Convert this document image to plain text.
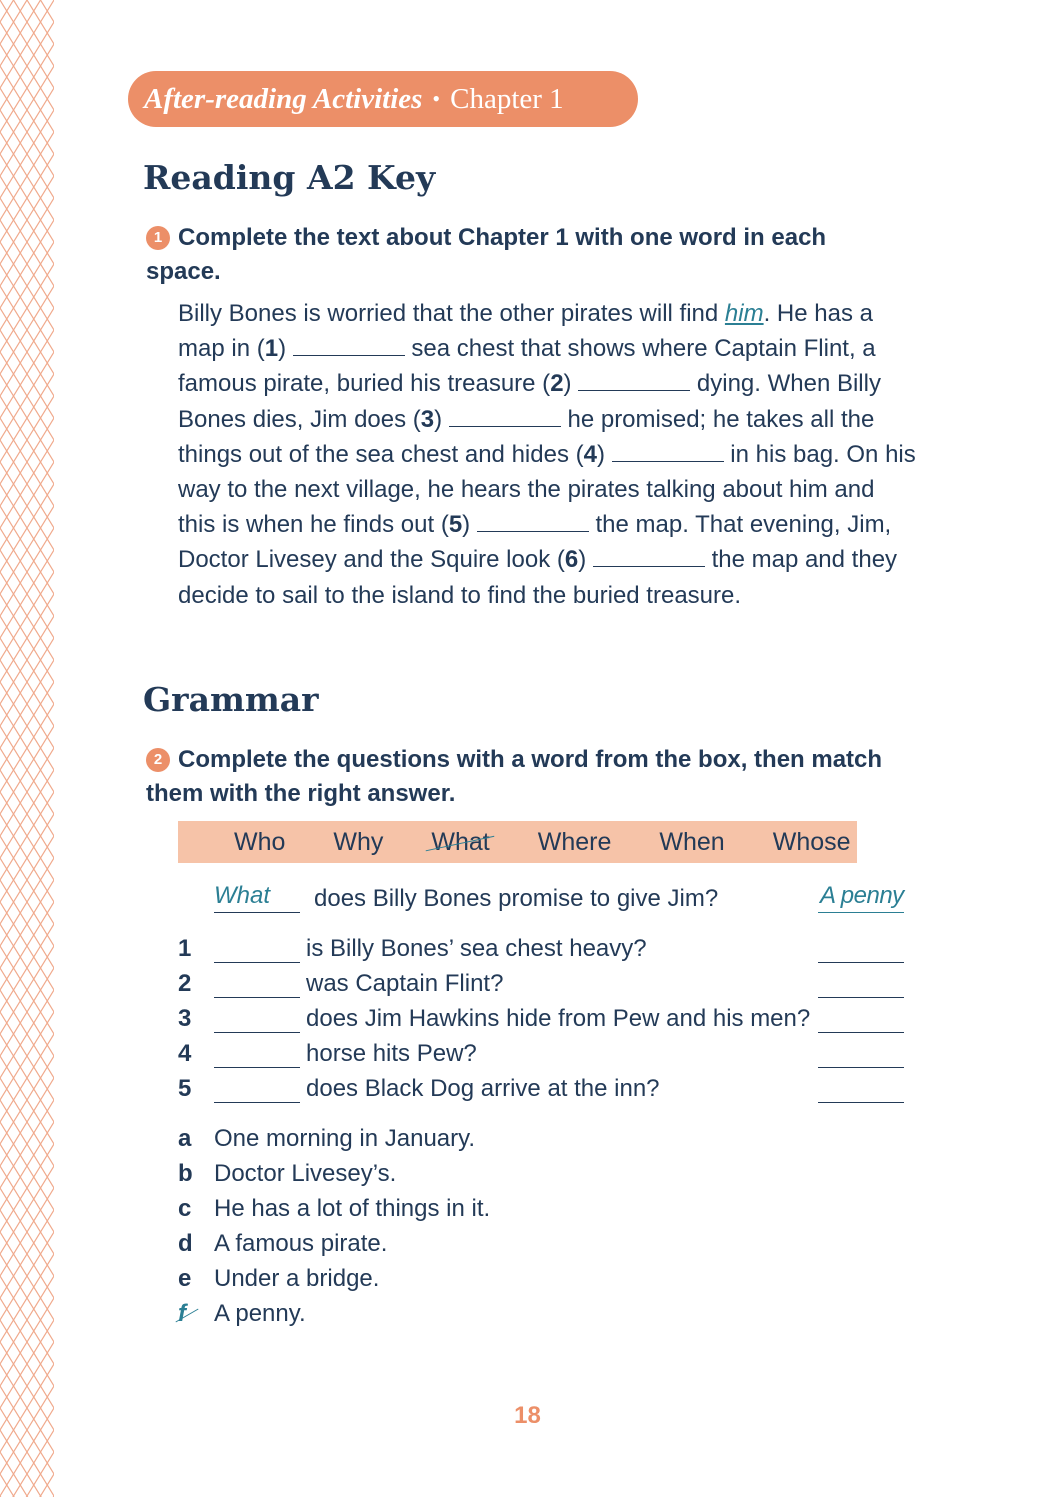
After-reading Activities • Chapter 1
Reading A2 Key
1 Complete the text about Chapter 1 with one word in each space.
Billy Bones is worried that the other pirates will find him. He has a map in (1)	sea chest that shows where Captain Flint, a famous pirate, buried his treasure (2)	dying. When Billy Bones dies, Jim does (3)	he promised; he takes all the things out of the sea chest and hides (4)	in his bag. On his way to the next village, he hears the pirates talking about him and this is when he finds out (5)	the map. That evening, Jim, Doctor Livesey and the Squire look (6)	the map and they decide to sail to the island to find the buried treasure.
Grammar
2 Complete the questions with a word from the box, then match them with the right answer.
Who Why What Where When Whose
What does Billy Bones promise to give Jim?	A penny
1	is Billy Bones’ sea chest heavy?
2	was Captain Flint?
3	does Jim Hawkins hide from Pew and his men?
4	horse hits Pew?
5	does Black Dog arrive at the inn?
a One morning in January.
b Doctor Livesey’s.
c He has a lot of things in it.
d A famous pirate.
e Under a bridge.
f	A penny.
18
